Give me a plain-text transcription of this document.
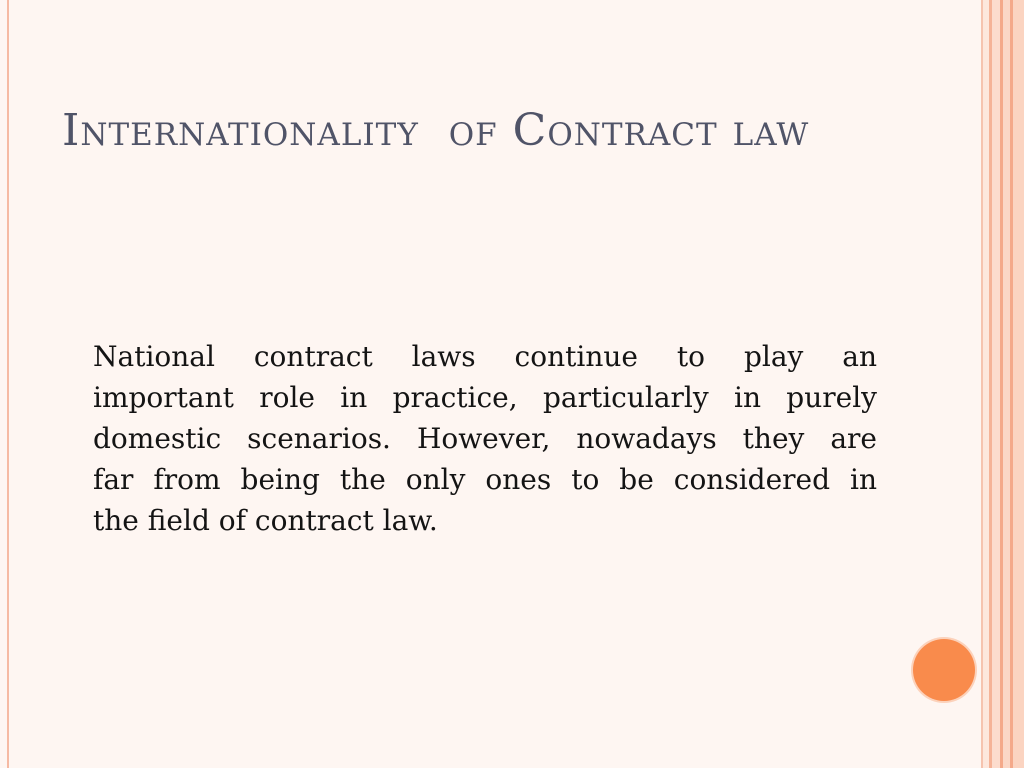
Internationality  of Contract law
National contract laws continue to play an
important role in practice, particularly in purely
domestic scenarios. However, nowadays they are
far from being the only ones to be considered in
the field of contract law.
